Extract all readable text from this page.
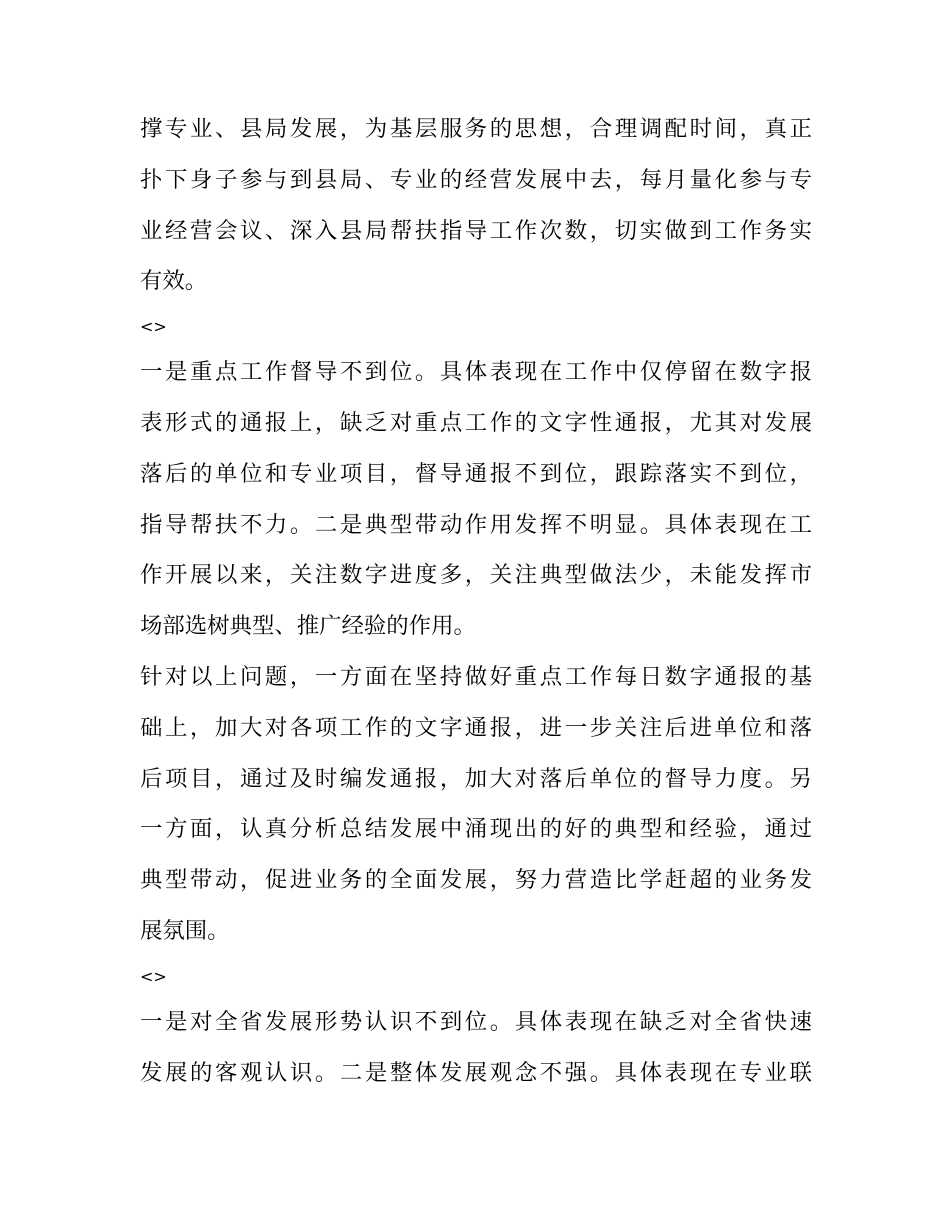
撑专业、县局发展，为基层服务的思想，合理调配时间，真正
扑下身子参与到县局、专业的经营发展中去，每月量化参与专
业经营会议、深入县局帮扶指导工作次数，切实做到工作务实
有效。
<>
一是重点工作督导不到位。具体表现在工作中仅停留在数字报
表形式的通报上，缺乏对重点工作的文字性通报，尤其对发展
落后的单位和专业项目，督导通报不到位，跟踪落实不到位，
指导帮扶不力。二是典型带动作用发挥不明显。具体表现在工
作开展以来，关注数字进度多，关注典型做法少，未能发挥市
场部选树典型、推广经验的作用。
针对以上问题，一方面在坚持做好重点工作每日数字通报的基
础上，加大对各项工作的文字通报，进一步关注后进单位和落
后项目，通过及时编发通报，加大对落后单位的督导力度。另
一方面，认真分析总结发展中涌现出的好的典型和经验，通过
典型带动，促进业务的全面发展，努力营造比学赶超的业务发
展氛围。
<>
一是对全省发展形势认识不到位。具体表现在缺乏对全省快速
发展的客观认识。二是整体发展观念不强。具体表现在专业联
